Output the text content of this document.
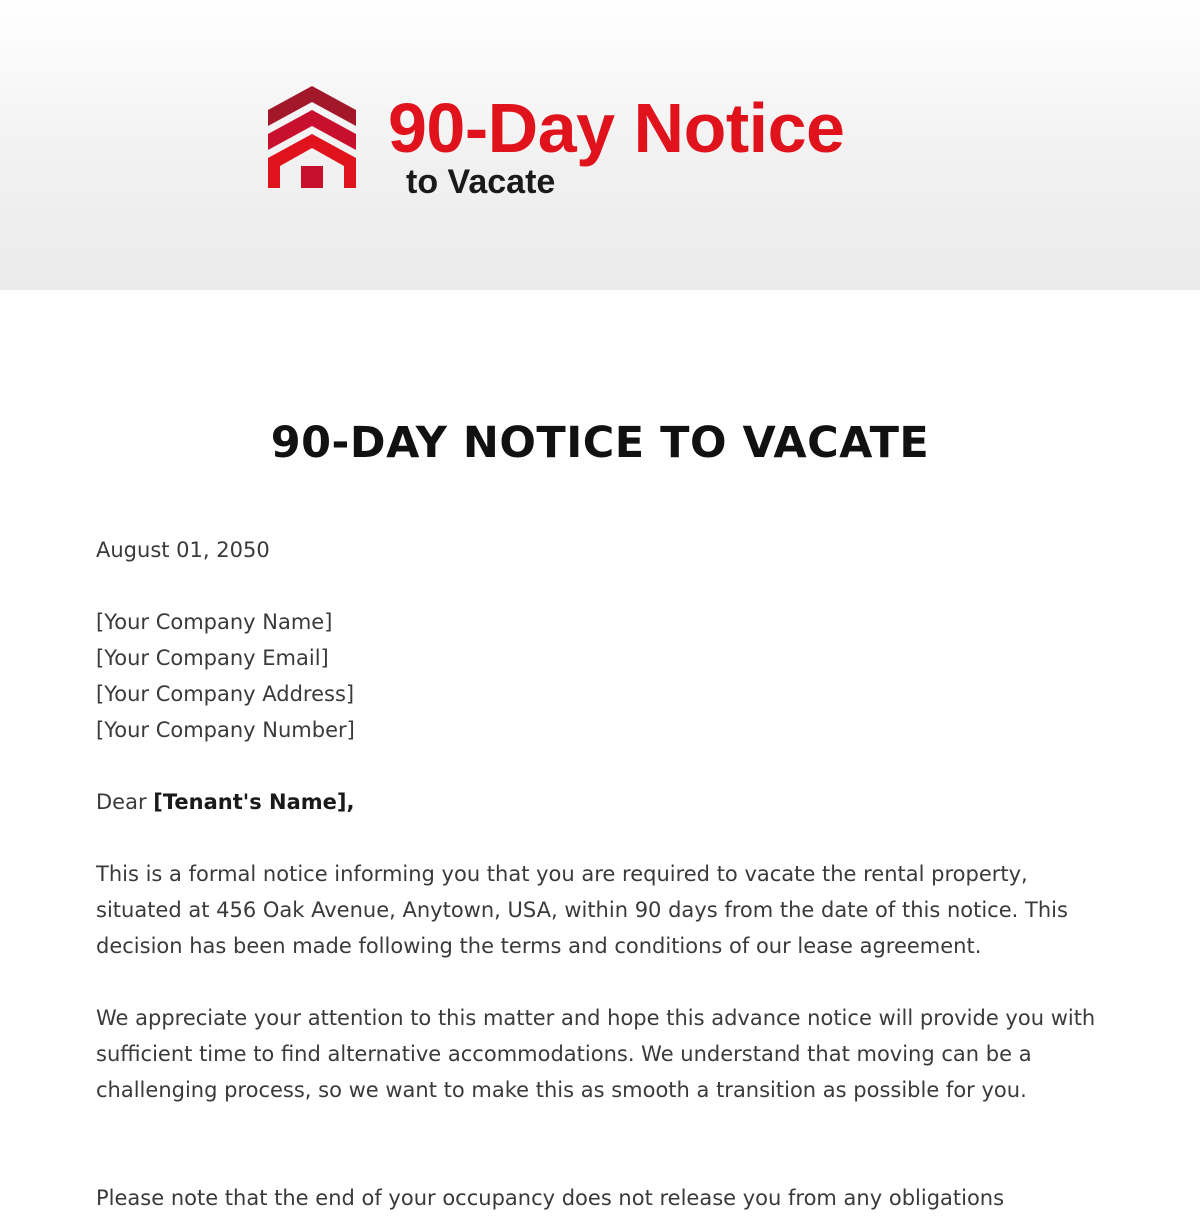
90-Day Notice
to Vacate
90-DAY NOTICE TO VACATE

August 01, 2050

[Your Company Name]
[Your Company Email]
[Your Company Address]
[Your Company Number]

Dear [Tenant's Name],

This is a formal notice informing you that you are required to vacate the rental property, situated at 456 Oak Avenue, Anytown, USA, within 90 days from the date of this notice. This decision has been made following the terms and conditions of our lease agreement.

We appreciate your attention to this matter and hope this advance notice will provide you with sufficient time to find alternative accommodations. We understand that moving can be a challenging process, so we want to make this as smooth a transition as possible for you.

Please note that the end of your occupancy does not release you from any obligations
